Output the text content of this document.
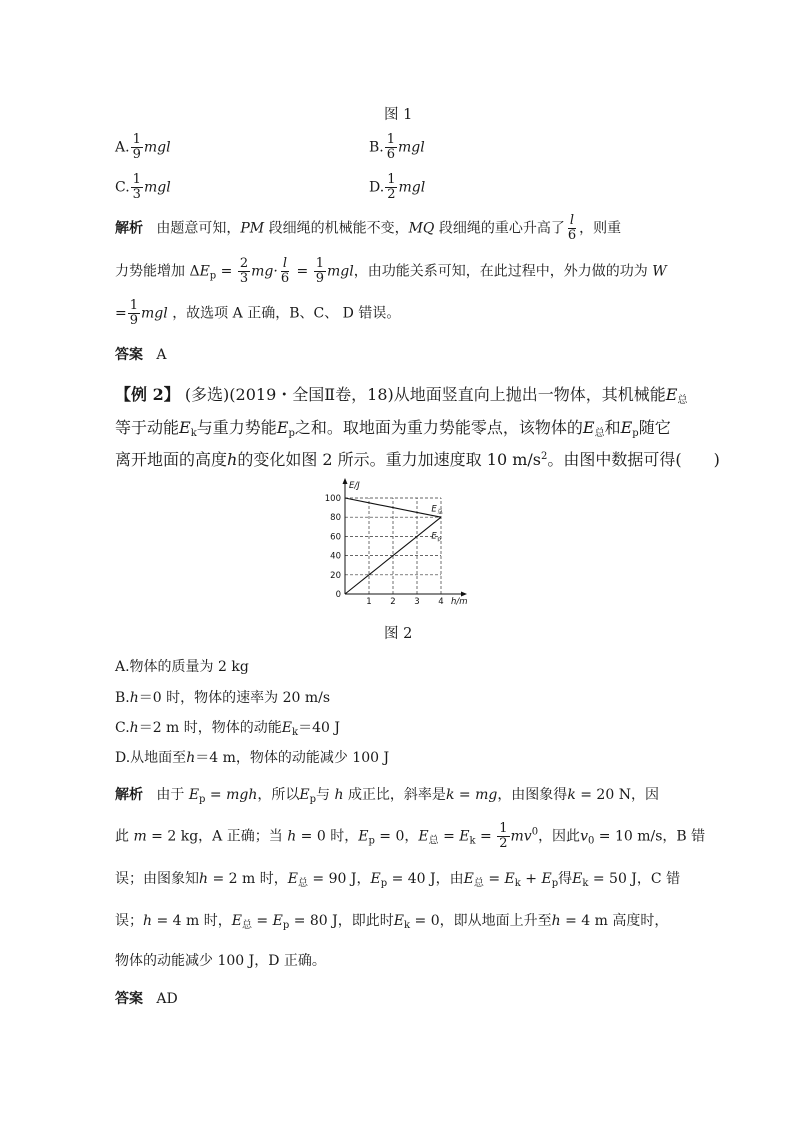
图 1
A. $\frac{1}{9}$ mgl	B. $\frac{1}{6}$ mgl
C. $\frac{1}{3}$ mgl	D. $\frac{1}{2}$ mgl
解析 由题意可知，PM 段细绳的机械能不变，MQ 段细绳的重心升高了 $\frac{l}{6}$ ，则重
力势能增加 $\Delta E_p = \frac{2}{3} mg\cdot \frac{l}{6} = \frac{1}{9}$ mgl，由功能关系可知，在此过程中，外力做的功为 W
= $\frac{1}{9}$ mgl ，故选项 A 正确，B、C、 D 错误。
答案 A
【例 2】 (多选)(2019・全国Ⅱ卷，18)从地面竖直向上抛出一物体，其机械能$E_总$
等于动能$E_k$与重力势能$E_p$之和。取地面为重力势能零点，该物体的$E_总$和$E_p$随它
离开地面的高度h的变化如图 2 所示。重力加速度取 10 $m/s^2$。由图中数据可得(　　)
0
20
40
60
80
100
1 2 3 4
E/J
h/m
E 总
E p
图 2
A.物体的质量为 2 kg
B.h＝0 时，物体的速率为 20 m/s
C.h＝2 m 时，物体的动能$E_k=40$ J
D.从地面至h＝4 m，物体的动能减少 100 J
解析 由于 $E_p$ = mgh，所以$E_p$与 h 成正比，斜率是k = mg，由图象得k = 20 N，因
此 m = 2 kg，A 正确；当 h = 0 时，$E_p = 0$，$E_总 = E_k = \frac{1}{2} mv^0$，因此$v_0 = 10$ m/s，B 错
误；由图象知h = 2 m 时，$E_总 = 90$ J，$E_p = 40$ J，由$E_总 = E_k + E_p$得$E_k = 50$ J，C 错
误；h = 4 m 时，$E_总 = E_p = 80$ J，即此时$E_k = 0$，即从地面上升至h = 4 m 高度时，
物体的动能减少 100 J，D 正确。
答案 AD
